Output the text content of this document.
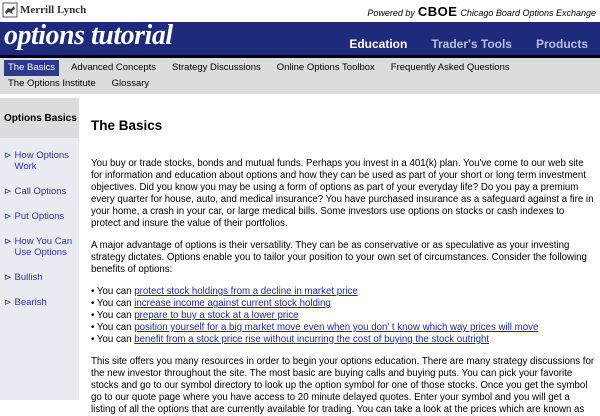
Merrill Lynch	Powered by CBOE Chicago Board Options Exchange
options tutorial	Education	Trader's Tools	Products
The Basics Advanced Concepts Strategy Discussions Online Options Toolbox Frequently Asked QuestionsThe Options Institute Glossary
Options Basics
⊳ How Options Work
⊳ Call Options
⊳ Put Options
⊳ How You Can Use Options
⊳ Bullish
⊳ Bearish
The Basics

You buy or trade stocks, bonds and mutual funds. Perhaps you invest in a 401(k) plan. You've come to our web site for information and education about options and how they can be used as part of your short or long term investment objectives. Did you know you may be using a form of options as part of your everyday life? Do you pay a premium every quarter for house, auto, and medical insurance? You have purchased insurance as a safeguard against a fire in your home, a crash in your car, or large medical bills. Some investors use options on stocks or cash indexes to protect and insure the value of their portfolios.

A major advantage of options is their versatility. They can be as conservative or as speculative as your investing strategy dictates. Options enable you to tailor your position to your own set of circumstances. Consider the following benefits of options:

• You can protect stock holdings from a decline in market price
• You can increase income against current stock holding
• You can prepare to buy a stock at a lower price
• You can position yourself for a big market move even when you don' t know which way prices will move
• You can benefit from a stock price rise without incurring the cost of buying the stock outright

This site offers you many resources in order to begin your options education. There are many strategy discussions for the new investor throughout the site. The most basic are buying calls and buying puts. You can pick your favorite stocks and go to our symbol directory to look up the option symbol for one of those stocks. Once you get the symbol go to our quote page where you have access to 20 minute delayed quotes. Enter your symbol and you will get a listing of all the options that are currently available for trading. You can take a look at the prices which are known as
